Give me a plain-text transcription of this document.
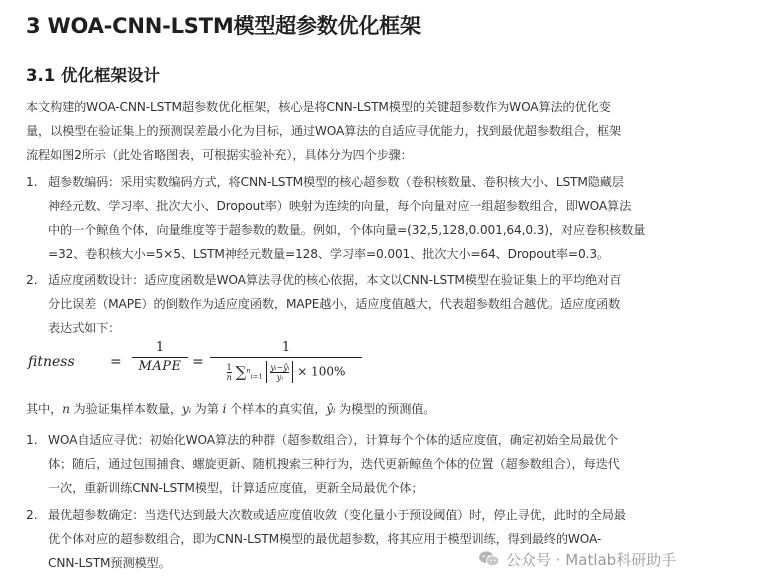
3 WOA-CNN-LSTM模型超参数优化框架
3.1 优化框架设计
本文构建的WOA-CNN-LSTM超参数优化框架，核心是将CNN-LSTM模型的关键超参数作为WOA算法的优化变
量，以模型在验证集上的预测误差最小化为目标，通过WOA算法的自适应寻优能力，找到最优超参数组合，框架
流程如图2所示（此处省略图表，可根据实验补充），具体分为四个步骤：
1. 超参数编码：采用实数编码方式，将CNN-LSTM模型的核心超参数（卷积核数量、卷积核大小、LSTM隐藏层
神经元数、学习率、批次大小、Dropout率）映射为连续的向量，每个向量对应一组超参数组合，即WOA算法
中的一个鲸鱼个体，向量维度等于超参数的数量。例如，个体向量=(32,5,128,0.001,64,0.3)，对应卷积核数量
=32、卷积核大小=5×5、LSTM神经元数量=128、学习率=0.001、批次大小=64、Dropout率=0.3。
2. 适应度函数设计：适应度函数是WOA算法寻优的核心依据，本文以CNN-LSTM模型在验证集上的平均绝对百
分比误差（MAPE）的倒数作为适应度函数，MAPE越小，适应度值越大，代表超参数组合越优。适应度函数
表达式如下：
fitness	=
1
MAPE =
1
$\frac{1}{n} \sum^n_{i=1} \frac{\text{yᵢ−ŷᵢ}}{\text{yᵢ}} \times 100\%$
其中，n 为验证集样本数量，yᵢ 为第 i 个样本的真实值，ŷᵢ 为模型的预测值。
1. WOA自适应寻优：初始化WOA算法的种群（超参数组合），计算每个个体的适应度值，确定初始全局最优个
体；随后，通过包围捕食、螺旋更新、随机搜索三种行为，迭代更新鲸鱼个体的位置（超参数组合），每迭代
一次，重新训练CNN-LSTM模型，计算适应度值，更新全局最优个体；
2. 最优超参数确定：当迭代达到最大次数或适应度值收敛（变化量小于预设阈值）时，停止寻优，此时的全局最
优个体对应的超参数组合，即为CNN-LSTM模型的最优超参数，将其应用于模型训练，得到最终的WOA-
CNN-LSTM预测模型。	公众号 · Matlab科研助手
